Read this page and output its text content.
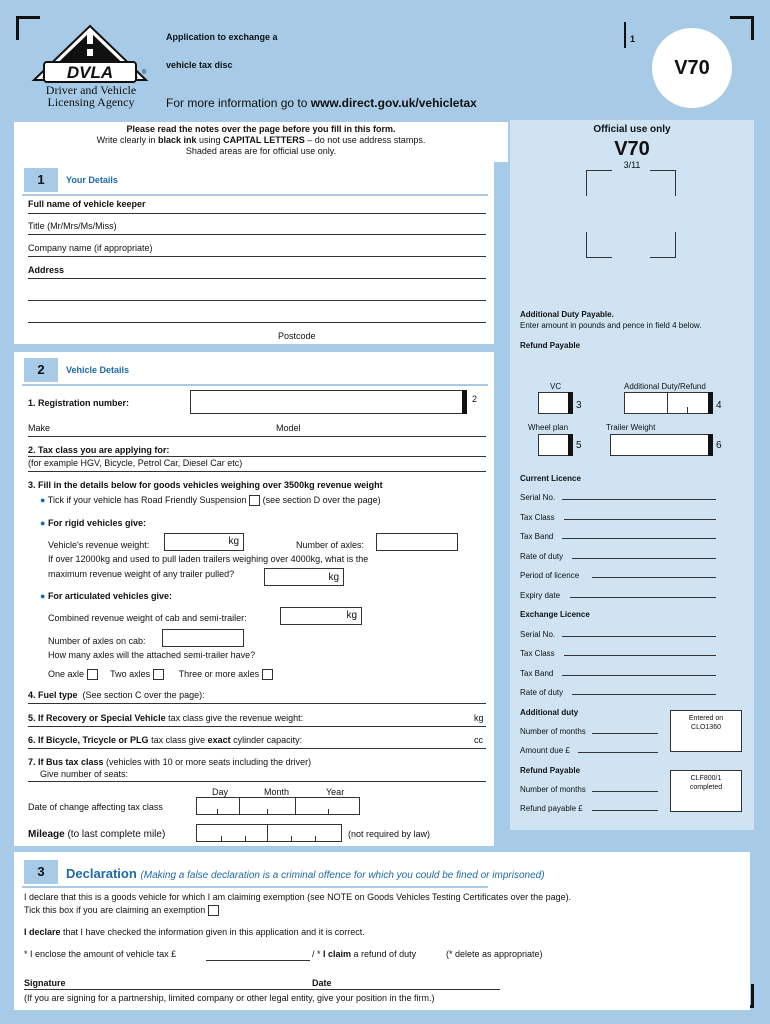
DVLA	®
Driver and Vehicle
Licensing Agency
Application to exchange a
vehicle tax disc
For more information go to www.direct.gov.uk/vehicletax
1
V70
Please read the notes over the page before you fill in this form.
Write clearly in black ink using CAPITAL LETTERS – do not use address stamps.
Shaded areas are for official use only.
1	Your Details
Full name of vehicle keeper
Title (Mr/Mrs/Ms/Miss)
Company name (if appropriate)
Address
Postcode
2	Vehicle Details
1. Registration number:	2
Make	Model
2. Tax class you are applying for:
(for example HGV, Bicycle, Petrol Car, Diesel Car etc)
3. Fill in the details below for goods vehicles weighing over 3500kg revenue weight
● Tick if your vehicle has Road Friendly Suspension (see section D over the page)
● For rigid vehicles give:
Vehicle's revenue weight:	kg	Number of axles:
If over 12000kg and used to pull laden trailers weighing over 4000kg, what is the
maximum revenue weight of any trailer pulled?	kg
● For articulated vehicles give:
Combined revenue weight of cab and semi-trailer:	kg
Number of axles on cab:
How many axles will the attached semi-trailer have?
One axle	Two axles	Three or more axles
4. Fuel type (See section C over the page):
5. If Recovery or Special Vehicle tax class give the revenue weight:	kg
6. If Bicycle, Tricycle or PLG tax class give exact cylinder capacity:	cc
7. If Bus tax class (vehicles with 10 or more seats including the driver)
Give number of seats:
Day	Month	Year
Date of change affecting tax class
Mileage (to last complete mile)	(not required by law)
3	Declaration (Making a false declaration is a criminal offence for which you could be fined or imprisoned)
I declare that this is a goods vehicle for which I am claiming exemption (see NOTE on Goods Vehicles Testing Certificates over the page).
Tick this box if you are claiming an exemption
I declare that I have checked the information given in this application and it is correct.
* I enclose the amount of vehicle tax £	/ * I claim a refund of duty	(* delete as appropriate)
Signature	Date
(If you are signing for a partnership, limited company or other legal entity, give your position in the firm.)
Official use only
V70
3/11
Additional Duty Payable.
Enter amount in pounds and pence in field 4 below.
Refund Payable
VC	Additional Duty/Refund
3	4
Wheel plan	Trailer Weight
5	6
Current Licence
Serial No.
Tax Class
Tax Band
Rate of duty
Period of licence
Expiry date
Exchange Licence
Serial No.
Tax Class
Tax Band
Rate of duty
Additional duty
Entered on
CLO1360
Number of months
Amount due £
Refund Payable
CLF800/1
completed
Number of months
Refund payable £
